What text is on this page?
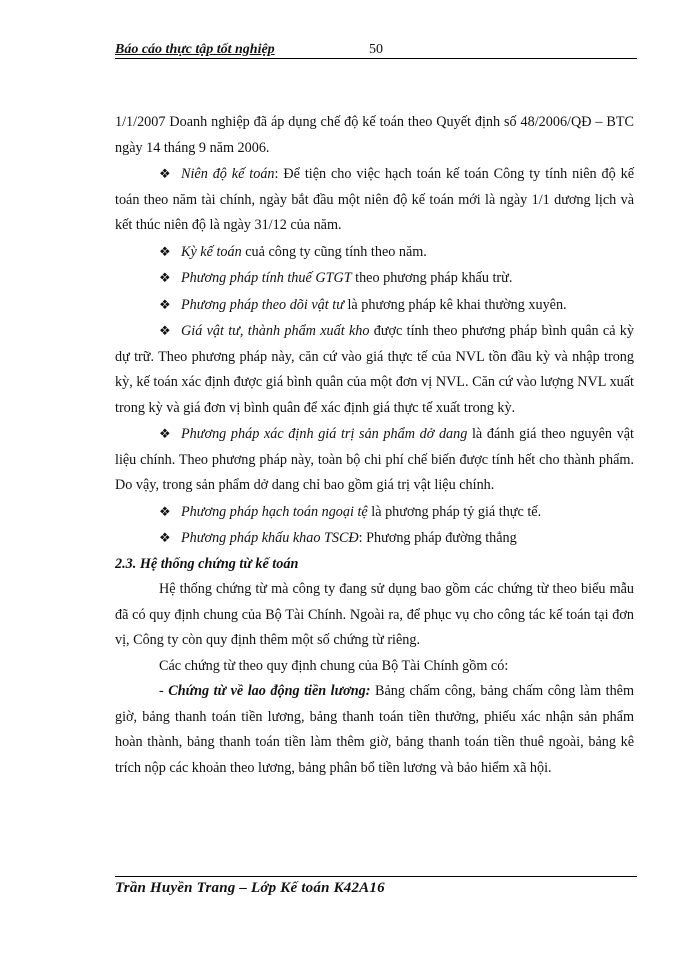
Báo cáo thực tập tốt nghiệp	50

1/1/2007 Doanh nghiệp đã áp dụng chế độ kế toán theo Quyết định số 48/2006/QĐ – BTC ngày 14 tháng 9 năm 2006.

❖ Niên độ kế toán: Để tiện cho việc hạch toán kế toán Công ty tính niên độ kế toán theo năm tài chính, ngày bắt đầu một niên độ kế toán mới là ngày 1/1 dương lịch và kết thúc niên độ là ngày 31/12 của năm.

❖ Kỳ kế toán cuả công ty cũng tính theo năm.

❖ Phương pháp tính thuế GTGT theo phương pháp khấu trừ.

❖ Phương pháp theo dõi vật tư là phương pháp kê khai thường xuyên.

❖ Giá vật tư, thành phẩm xuất kho được tính theo phương pháp bình quân cả kỳ dự trữ. Theo phương pháp này, căn cứ vào giá thực tế của NVL tồn đầu kỳ và nhập trong kỳ, kế toán xác định được giá bình quân của một đơn vị NVL. Căn cứ vào lượng NVL xuất trong kỳ và giá đơn vị bình quân để xác định giá thực tế xuất trong kỳ.

❖ Phương pháp xác định giá trị sản phẩm dở dang là đánh giá theo nguyên vật liệu chính. Theo phương pháp này, toàn bộ chi phí chế biến được tính hết cho thành phẩm. Do vậy, trong sản phẩm dở dang chỉ bao gồm giá trị vật liệu chính.

❖ Phương pháp hạch toán ngoại tệ là phương pháp tỷ giá thực tế.

❖ Phương pháp khấu khao TSCĐ: Phương pháp đường thẳng

2.3. Hệ thống chứng từ kế toán

Hệ thống chứng từ mà công ty đang sử dụng bao gồm các chứng từ theo biểu mẫu đã có quy định chung của Bộ Tài Chính. Ngoài ra, để phục vụ cho công tác kế toán tại đơn vị, Công ty còn quy định thêm một số chứng từ riêng.

Các chứng từ theo quy định chung của Bộ Tài Chính gồm có:

- Chứng từ về lao động tiền lương: Bảng chấm công, bảng chấm công làm thêm giờ, bảng thanh toán tiền lương, bảng thanh toán tiền thưởng, phiếu xác nhận sản phẩm hoàn thành, bảng thanh toán tiền làm thêm giờ, bảng thanh toán tiền thuê ngoài, bảng kê trích nộp các khoản theo lương, bảng phân bổ tiền lương và bảo hiểm xã hội.

Trần Huyền Trang – Lớp Kế toán K42A16
